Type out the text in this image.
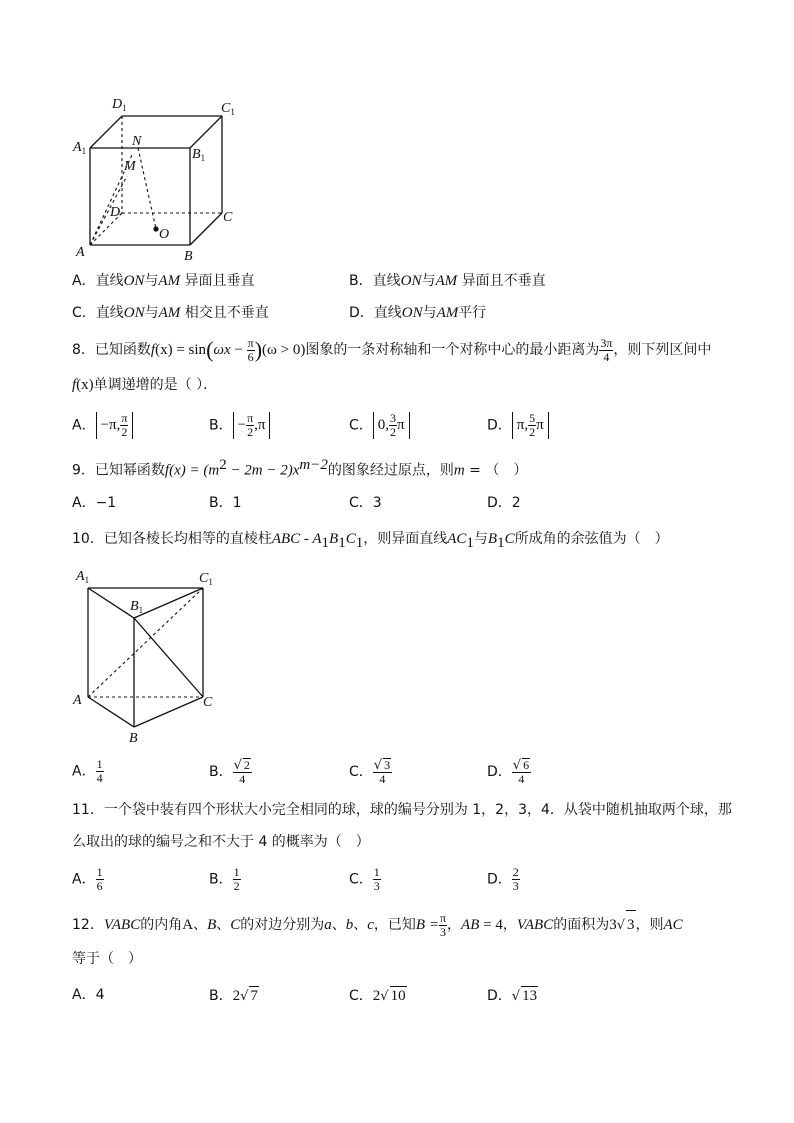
$D_1$	$C_1$
$A_1$	$B_1$
N
M
D	C
A	B
O
A．直线ON与AM 异面且垂直	B．直线ON与AM 异面且不垂直
C．直线ON与AM 相交且不垂直	D．直线ON与AM平行
8．已知函数$f(x) = \sin(\omega x - \frac{\pi}{6} )(\omega > 0)$图象的一条对称轴和一个对称中心的最小距离为 $\frac{3\pi}{4}$ ，则下列区间中
f(x)单调递增的是（ ）．
A． −π, $\frac{\pi}{2}$	B． − $\frac{\pi}{2} ,\pi$	C． 0, $\frac{3}{2}$ π	D． π, $\frac{5}{2}$ π
9．已知幂函数$f(x) = (m^2 - 2m - 2)x^{m-2}$的图象经过原点，则m = （　）
A．−1	B．1	C．3	D．2
10．已知各棱长均相等的直棱柱ABC - $A_1B_1C_1$，则异面直线$AC_1$与$B_1C$所成角的余弦值为（　）
$A_1$	$C_1$
$B_1$
A	C
B
A． $\frac{1}{4}$	B． $\frac{√ 2}{4}$	C． $\frac{√ 3}{4}$	D． $\frac{√ 6}{4}$
11．一个袋中装有四个形状大小完全相同的球，球的编号分别为 1，2，3，4．从袋中随机抽取两个球，那
么取出的球的编号之和不大于 4 的概率为（　）
A． $\frac{1}{6}$	B． $\frac{1}{2}$	C． $\frac{1}{3}$	D． $\frac{2}{3}$
12．VABC的内角A、B、C的对边分别为a、b、c，已知$B = \frac{\pi}{3}$ ，AB = 4，VABC的面积为3√ 3，则AC
等于（　）
A．4	B．2√ 7	C．2√ 10	D．√ 13
